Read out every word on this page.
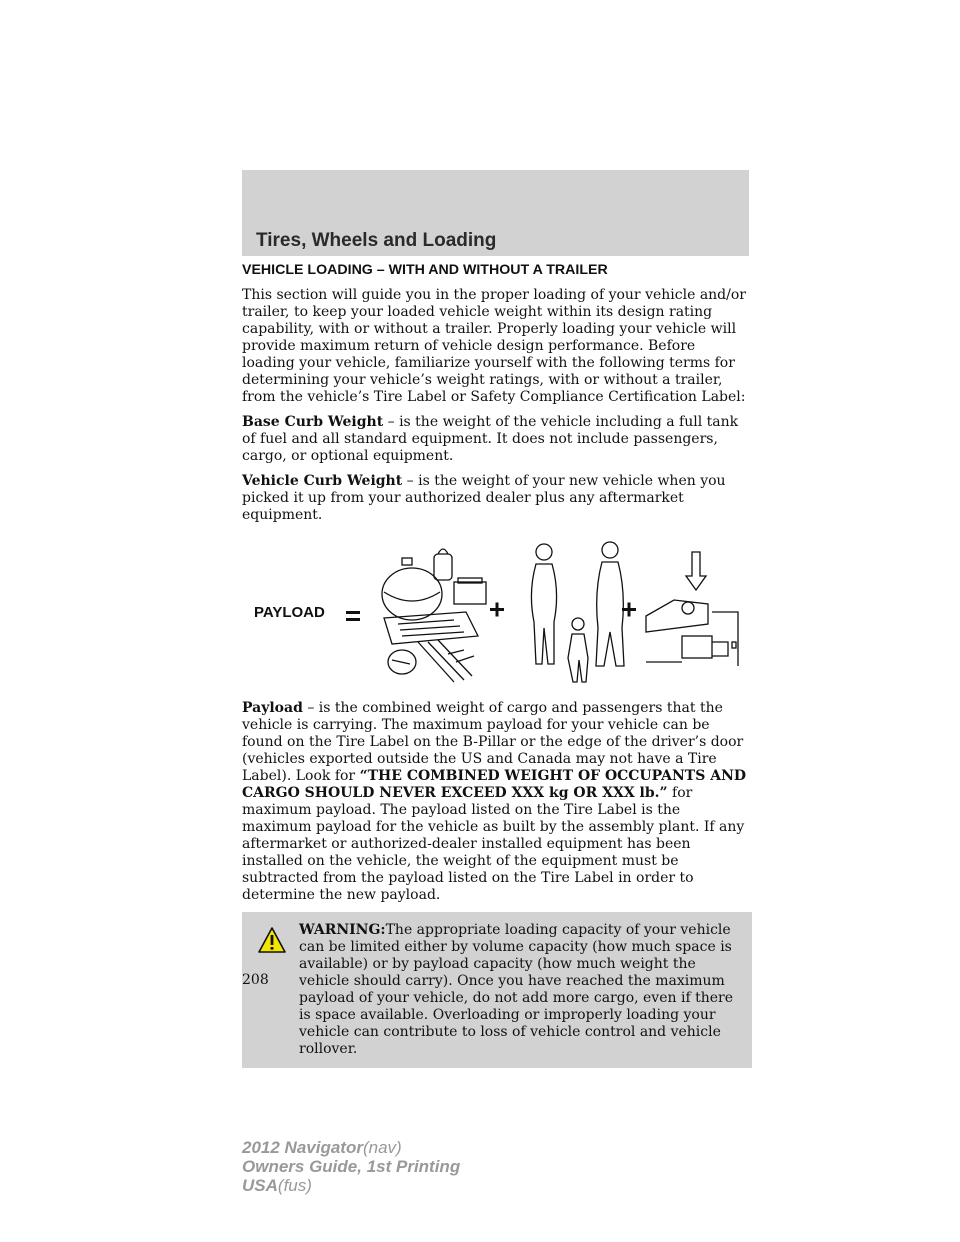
Tires, Wheels and Loading

VEHICLE LOADING – WITH AND WITHOUT A TRAILER

This section will guide you in the proper loading of your vehicle and/or trailer, to keep your loaded vehicle weight within its design rating capability, with or without a trailer. Properly loading your vehicle will provide maximum return of vehicle design performance. Before loading your vehicle, familiarize yourself with the following terms for determining your vehicle’s weight ratings, with or without a trailer, from the vehicle’s Tire Label or Safety Compliance Certification Label:

Base Curb Weight – is the weight of the vehicle including a full tank of fuel and all standard equipment. It does not include passengers, cargo, or optional equipment.

Vehicle Curb Weight – is the weight of your new vehicle when you picked it up from your authorized dealer plus any aftermarket equipment.

PAYLOAD

Payload – is the combined weight of cargo and passengers that the vehicle is carrying. The maximum payload for your vehicle can be found on the Tire Label on the B-Pillar or the edge of the driver’s door (vehicles exported outside the US and Canada may not have a Tire Label). Look for “THE COMBINED WEIGHT OF OCCUPANTS AND CARGO SHOULD NEVER EXCEED XXX kg OR XXX lb.” for maximum payload. The payload listed on the Tire Label is the maximum payload for the vehicle as built by the assembly plant. If any aftermarket or authorized-dealer installed equipment has been installed on the vehicle, the weight of the equipment must be subtracted from the payload listed on the Tire Label in order to determine the new payload.

WARNING:The appropriate loading capacity of your vehicle can be limited either by volume capacity (how much space is available) or by payload capacity (how much weight the vehicle should carry). Once you have reached the maximum payload of your vehicle, do not add more cargo, even if there is space available. Overloading or improperly loading your vehicle can contribute to loss of vehicle control and vehicle rollover.
208
2012 Navigator(nav)
Owners Guide, 1st Printing
USA(fus)
